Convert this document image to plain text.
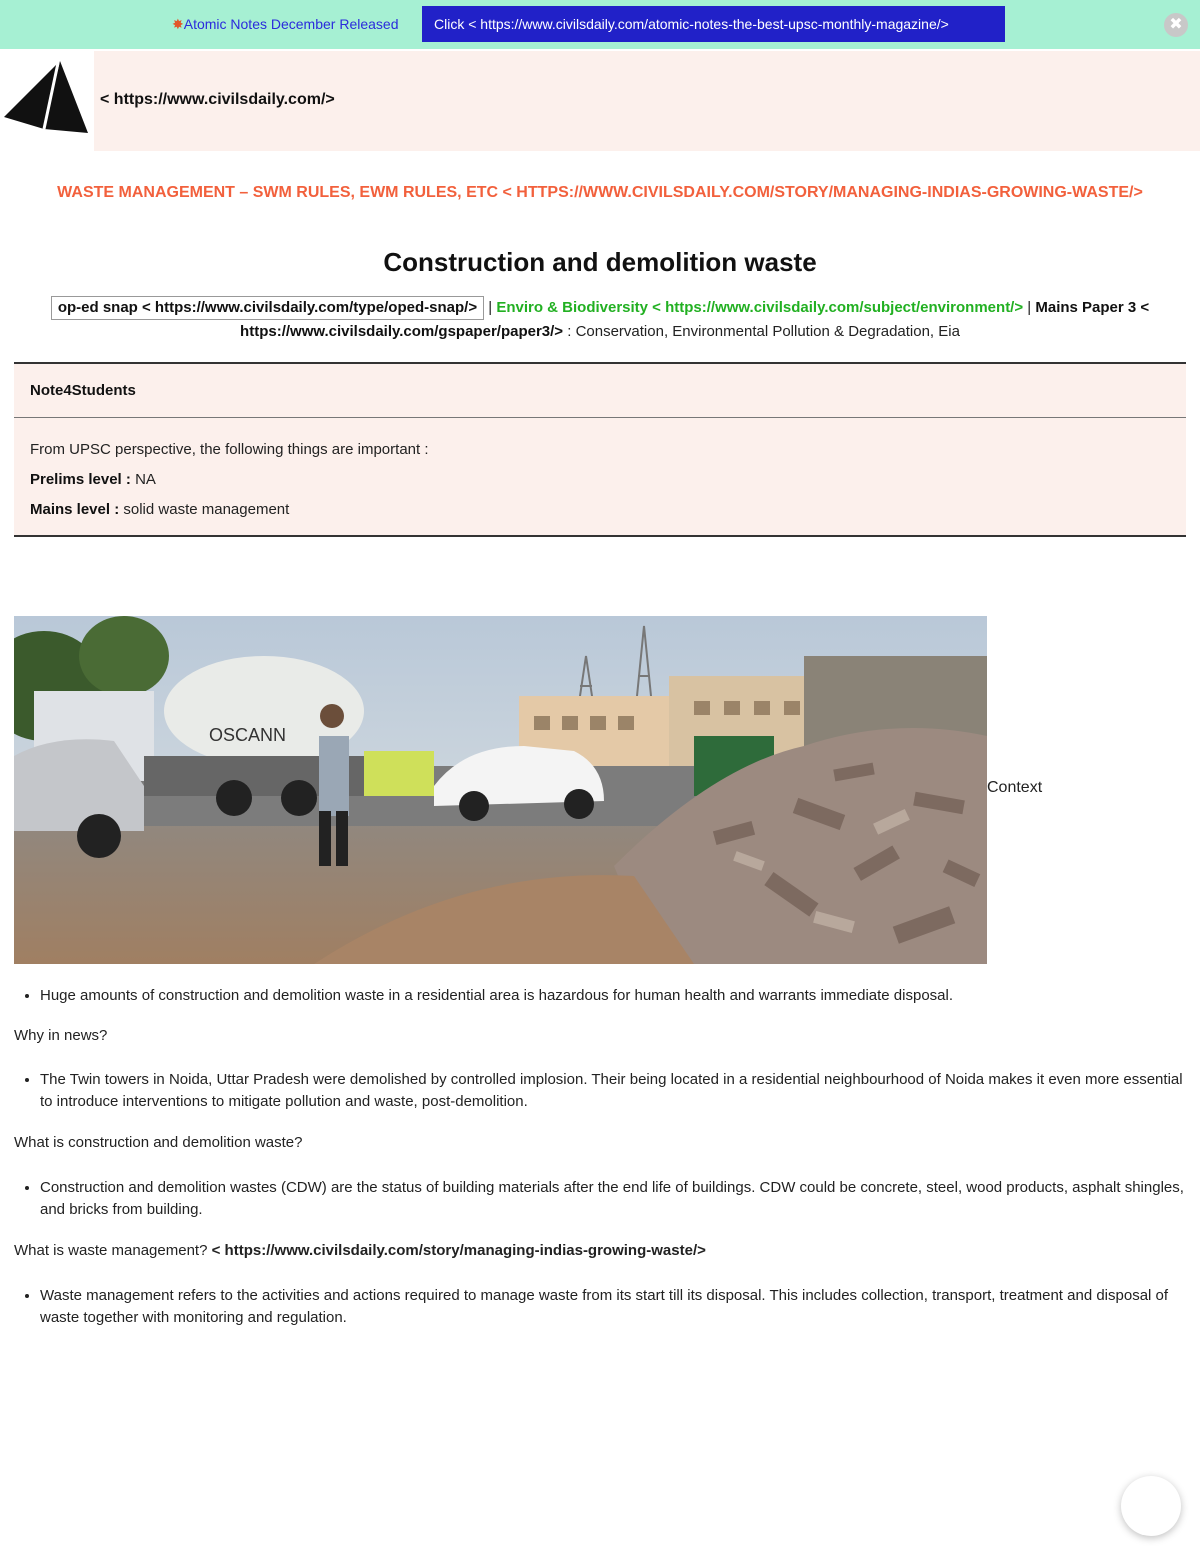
✸Atomic Notes December Released	Click < https://www.civilsdaily.com/atomic-notes-the-best-upsc-monthly-magazine/>	✖
< https://www.civilsdaily.com/>
WASTE MANAGEMENT – SWM RULES, EWM RULES, ETC < HTTPS://WWW.CIVILSDAILY.COM/STORY/MANAGING-INDIAS-GROWING-WASTE/>
Construction and demolition waste
op-ed snap < https://www.civilsdaily.com/type/oped-snap/> | Enviro & Biodiversity < https://www.civilsdaily.com/subject/environment/> | Mains Paper 3 < https://www.civilsdaily.com/gspaper/paper3/> : Conservation, Environmental Pollution & Degradation, Eia
Note4Students

From UPSC perspective, the following things are important :

Prelims level : NA

Mains level : solid waste management

OSCANN
Context
• Huge amounts of construction and demolition waste in a residential area is hazardous for human health and warrants immediate disposal.
Why in news?
• The Twin towers in Noida, Uttar Pradesh were demolished by controlled implosion. Their being located in a residential neighbourhood of Noida makes it even more essential to introduce interventions to mitigate pollution and waste, post-demolition.
What is construction and demolition waste?
• Construction and demolition wastes (CDW) are the status of building materials after the end life of buildings. CDW could be concrete, steel, wood products, asphalt shingles, and bricks from building.
What is waste management? < https://www.civilsdaily.com/story/managing-indias-growing-waste/>
• Waste management refers to the activities and actions required to manage waste from its start till its disposal. This includes collection, transport, treatment and disposal of waste together with monitoring and regulation.
